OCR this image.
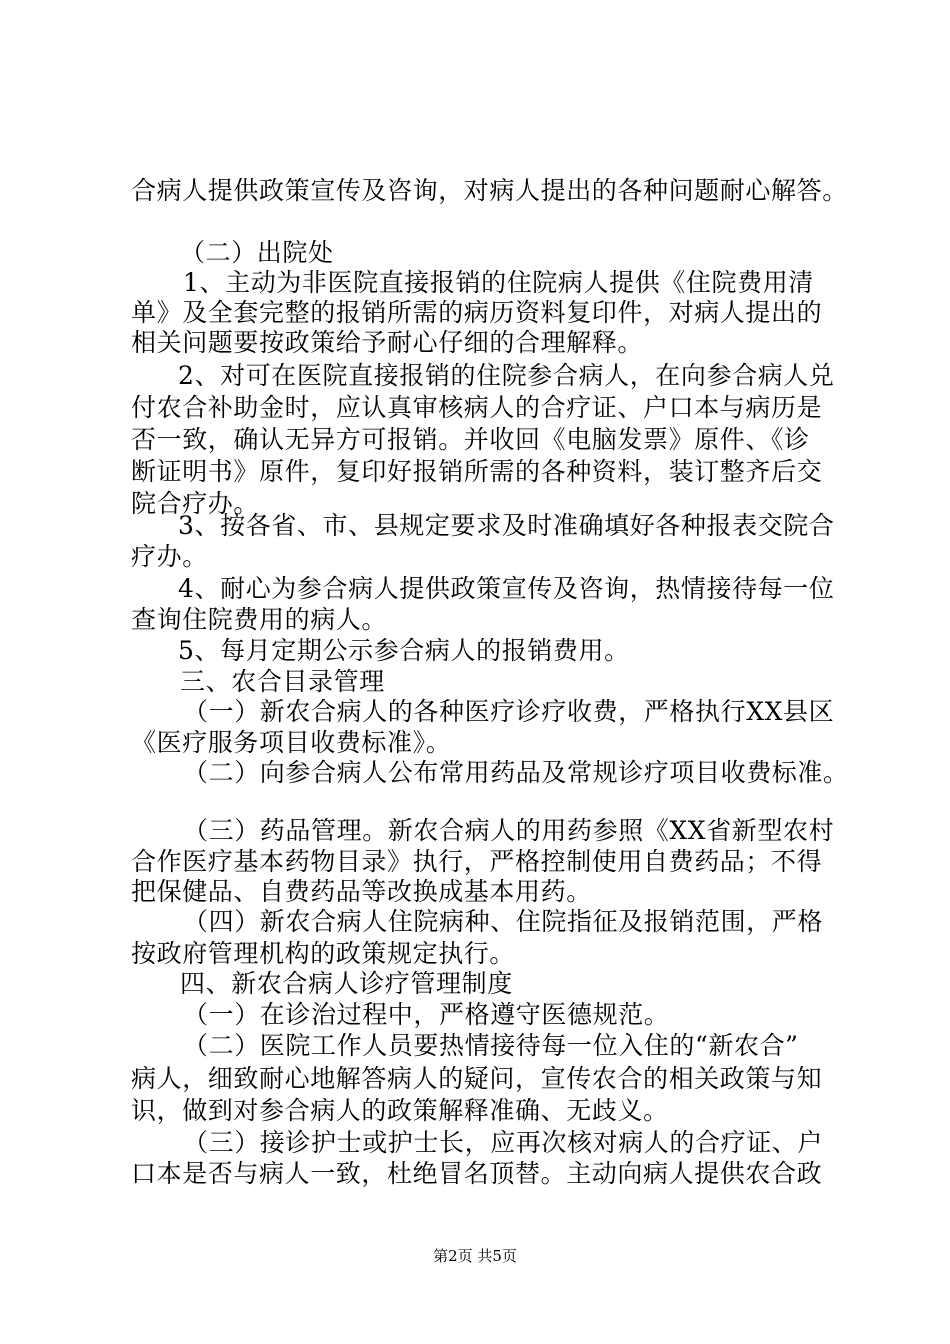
合病人提供政策宣传及咨询，对病人提出的各种问题耐心解答。
（二）出院处
1、主动为非医院直接报销的住院病人提供《住院费用清
单》及全套完整的报销所需的病历资料复印件，对病人提出的
相关问题要按政策给予耐心仔细的合理解释。
2、对可在医院直接报销的住院参合病人，在向参合病人兑
付农合补助金时，应认真审核病人的合疗证、户口本与病历是
否一致，确认无异方可报销。并收回《电脑发票》原件、《诊
断证明书》原件，复印好报销所需的各种资料，装订整齐后交
院合疗办。
3、按各省、市、县规定要求及时准确填好各种报表交院合
疗办。
4、耐心为参合病人提供政策宣传及咨询，热情接待每一位
查询住院费用的病人。
5、每月定期公示参合病人的报销费用。
三、农合目录管理
（一）新农合病人的各种医疗诊疗收费，严格执行XX县区
《医疗服务项目收费标准》。
（二）向参合病人公布常用药品及常规诊疗项目收费标准。
（三）药品管理。新农合病人的用药参照《XX省新型农村
合作医疗基本药物目录》执行，严格控制使用自费药品；不得
把保健品、自费药品等改换成基本用药。
（四）新农合病人住院病种、住院指征及报销范围，严格
按政府管理机构的政策规定执行。
四、新农合病人诊疗管理制度
（一）在诊治过程中，严格遵守医德规范。
（二）医院工作人员要热情接待每一位入住的“新农合”
病人，细致耐心地解答病人的疑问，宣传农合的相关政策与知
识，做到对参合病人的政策解释准确、无歧义。
（三）接诊护士或护士长，应再次核对病人的合疗证、户
口本是否与病人一致，杜绝冒名顶替。主动向病人提供农合政
第2页 共5页
